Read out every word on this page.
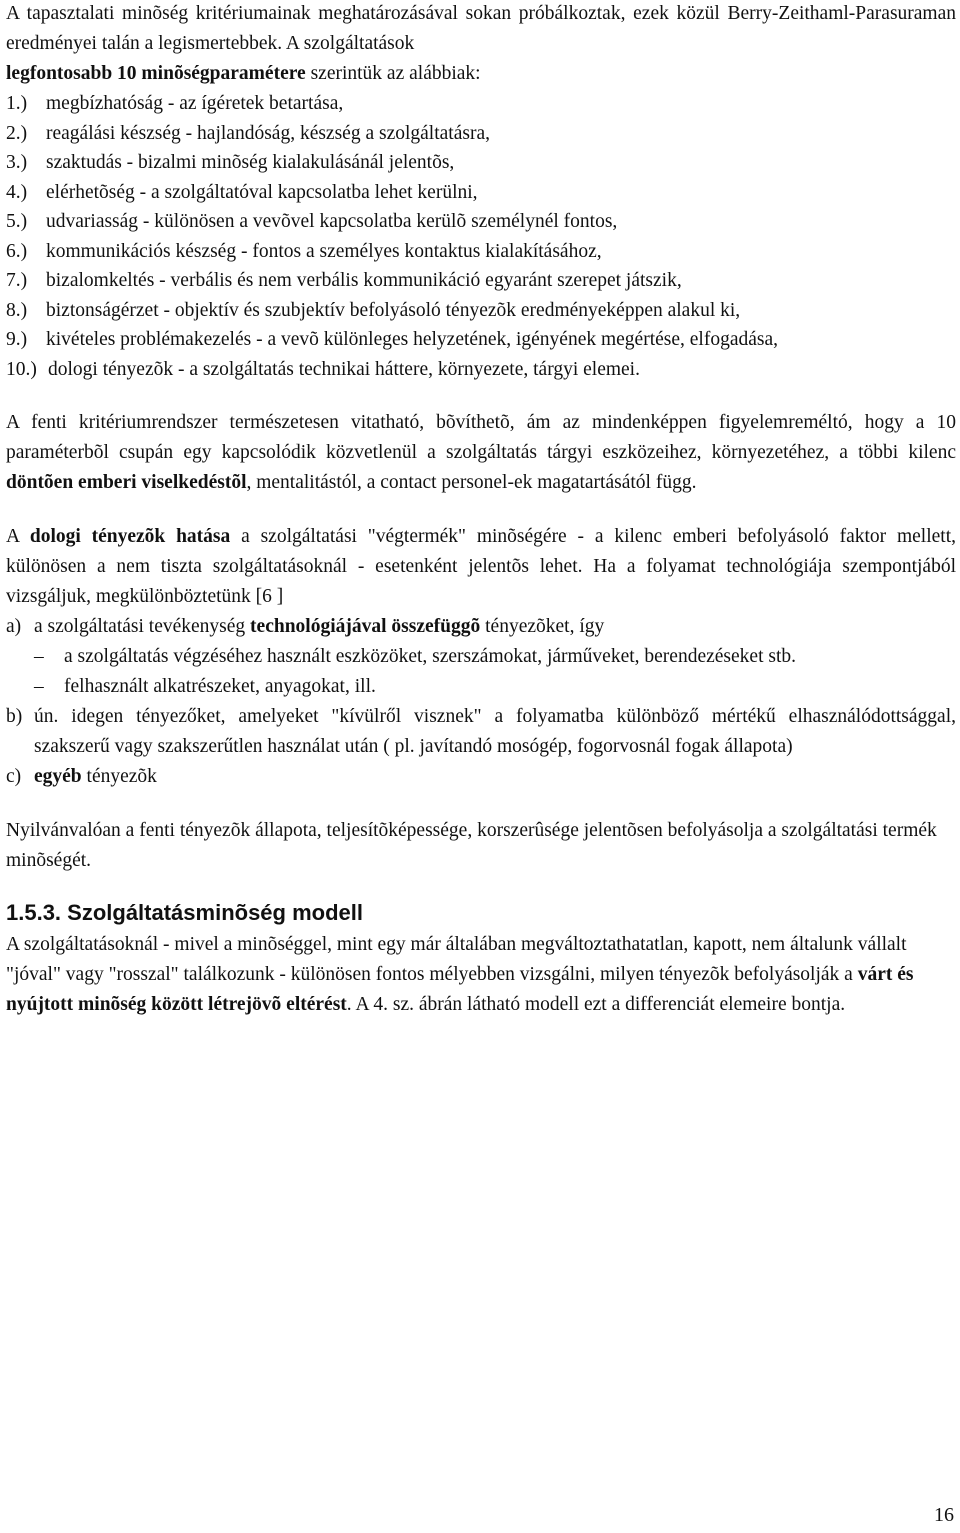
A tapasztalati minõség kritériumainak meghatározásával sokan próbálkoztak, ezek közül Berry-Zeithaml-Parasuraman eredményei talán a legismertebbek. A szolgáltatások
legfontosabb 10 minõségparamétere szerintük az alábbiak:

1.) megbízhatóság - az ígéretek betartása,
2.) reagálási készség - hajlandóság, készség a szolgáltatásra,
3.) szaktudás - bizalmi minõség kialakulásánál jelentõs,
4.) elérhetõség - a szolgáltatóval kapcsolatba lehet kerülni,
5.) udvariasság - különösen a vevõvel kapcsolatba kerülõ személynél fontos,
6.) kommunikációs készség - fontos a személyes kontaktus kialakításához,
7.) bizalomkeltés - verbális és nem verbális kommunikáció egyaránt szerepet játszik,
8.) biztonságérzet - objektív és szubjektív befolyásoló tényezõk eredményeképpen alakul ki,
9.) kivételes problémakezelés - a vevõ különleges helyzetének, igényének megértése, elfogadása,
10.) dologi tényezõk - a szolgáltatás technikai háttere, környezete, tárgyi elemei.

A fenti kritériumrendszer természetesen vitatható, bõvíthetõ, ám az mindenképpen figyelemreméltó, hogy a 10 paraméterbõl csupán egy kapcsolódik közvetlenül a szolgáltatás tárgyi eszközeihez, környezetéhez, a többi kilenc döntõen emberi viselkedéstõl, mentalitástól, a contact personel-ek magatartásától függ.

A dologi tényezõk hatása a szolgáltatási "végtermék" minõségére - a kilenc emberi befolyásoló faktor mellett, különösen a nem tiszta szolgáltatásoknál - esetenként jelentõs lehet. Ha a folyamat technológiája szempontjából vizsgáljuk, megkülönböztetünk [6 ]

a) a szolgáltatási tevékenység technológiájával összefüggõ tényezõket, így
– a szolgáltatás végzéséhez használt eszközöket, szerszámokat, járműveket, berendezéseket stb.
– felhasznált alkatrészeket, anyagokat, ill.
b) ún. idegen tényezőket, amelyeket "kívülről visznek" a folyamatba különböző mértékű elhasználódottsággal, szakszerű vagy szakszerűtlen használat után ( pl. javítandó mosógép, fogorvosnál fogak állapota)
c) egyéb tényezõk

Nyilvánvalóan a fenti tényezõk állapota, teljesítõképessége, korszerûsége jelentõsen befolyásolja a szolgáltatási termék minõségét.

1.5.3. Szolgáltatásminõség modell

A szolgáltatásoknál - mivel a minõséggel, mint egy már általában megváltoztathatatlan, kapott, nem általunk vállalt "jóval" vagy "rosszal" találkozunk - különösen fontos mélyebben vizsgálni, milyen tényezõk befolyásolják a várt és nyújtott minõség között létrejövõ eltérést. A 4. sz. ábrán látható modell ezt a differenciát elemeire bontja.

16
